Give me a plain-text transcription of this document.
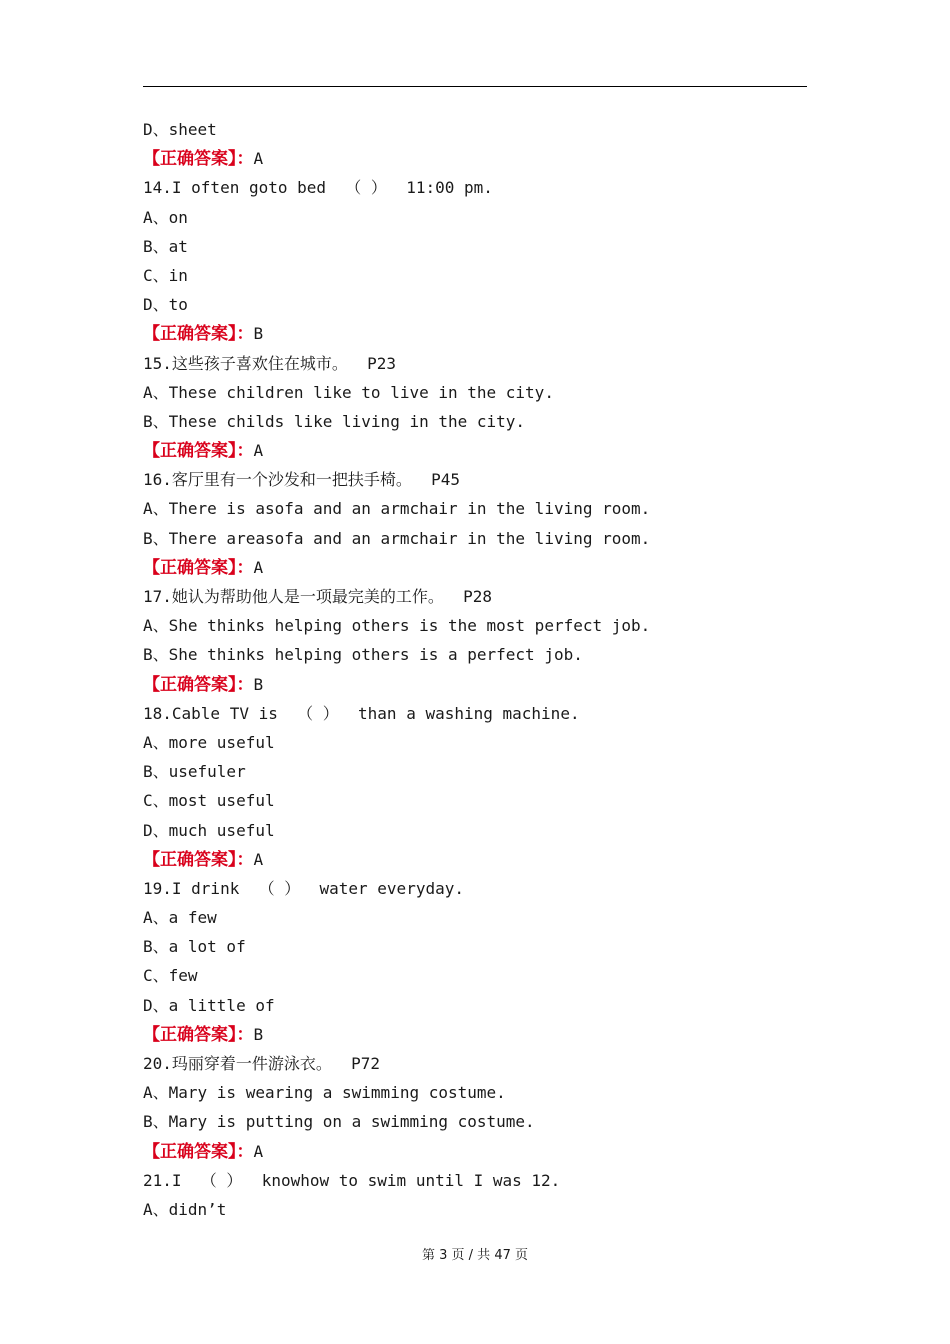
D、sheet
【正确答案】：A
14.I often goto bed  （ ）  11:00 pm.
A、on
B、at
C、in
D、to
【正确答案】：B
15.这些孩子喜欢住在城市。  P23
A、These children like to live in the city.
B、These childs like living in the city.
【正确答案】：A
16.客厅里有一个沙发和一把扶手椅。  P45
A、There is asofa and an armchair in the living room.
B、There areasofa and an armchair in the living room.
【正确答案】：A
17.她认为帮助他人是一项最完美的工作。  P28
A、She thinks helping others is the most perfect job.
B、She thinks helping others is a perfect job.
【正确答案】：B
18.Cable TV is  （ ）  than a washing machine.
A、more useful
B、usefuler
C、most useful
D、much useful
【正确答案】：A
19.I drink  （ ）  water everyday.
A、a few
B、a lot of
C、few
D、a little of
【正确答案】：B
20.玛丽穿着一件游泳衣。  P72
A、Mary is wearing a swimming costume.
B、Mary is putting on a swimming costume.
【正确答案】：A
21.I  （ ）  knowhow to swim until I was 12.
A、didn’t
第 3 页 / 共 47 页
